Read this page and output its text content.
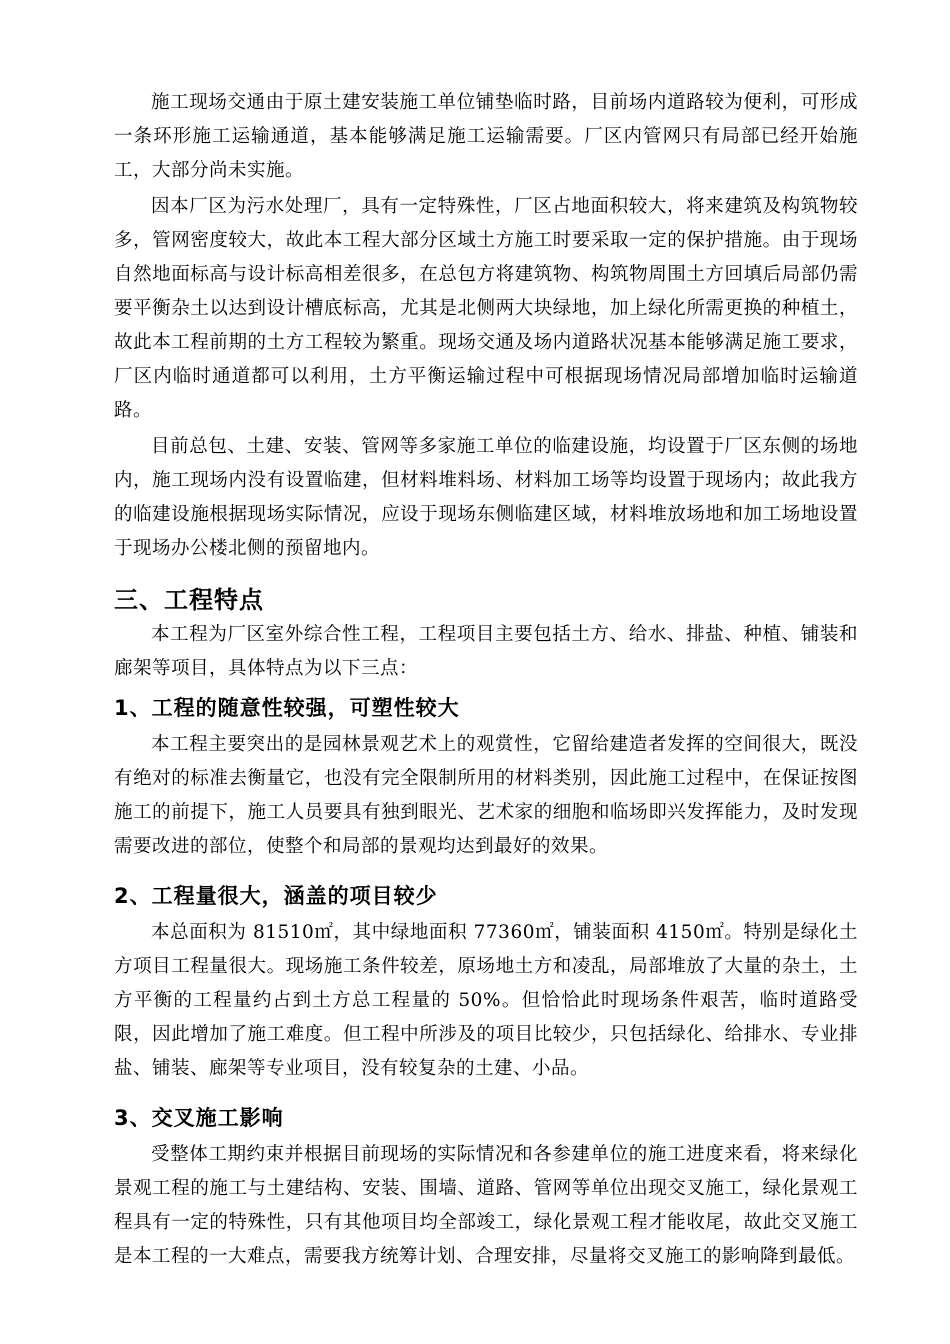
施工现场交通由于原土建安装施工单位铺垫临时路，目前场内道路较为便利，可形成一条环形施工运输通道，基本能够满足施工运输需要。厂区内管网只有局部已经开始施工，大部分尚未实施。

因本厂区为污水处理厂，具有一定特殊性，厂区占地面积较大，将来建筑及构筑物较多，管网密度较大，故此本工程大部分区域土方施工时要采取一定的保护措施。由于现场自然地面标高与设计标高相差很多，在总包方将建筑物、构筑物周围土方回填后局部仍需要平衡杂土以达到设计槽底标高，尤其是北侧两大块绿地，加上绿化所需更换的种植土，故此本工程前期的土方工程较为繁重。现场交通及场内道路状况基本能够满足施工要求，厂区内临时通道都可以利用，土方平衡运输过程中可根据现场情况局部增加临时运输道路。

目前总包、土建、安装、管网等多家施工单位的临建设施，均设置于厂区东侧的场地内，施工现场内没有设置临建，但材料堆料场、材料加工场等均设置于现场内；故此我方的临建设施根据现场实际情况，应设于现场东侧临建区域，材料堆放场地和加工场地设置于现场办公楼北侧的预留地内。

三、工程特点

本工程为厂区室外综合性工程，工程项目主要包括土方、给水、排盐、种植、铺装和廊架等项目，具体特点为以下三点：

1、工程的随意性较强，可塑性较大

本工程主要突出的是园林景观艺术上的观赏性，它留给建造者发挥的空间很大，既没有绝对的标准去衡量它，也没有完全限制所用的材料类别，因此施工过程中，在保证按图施工的前提下，施工人员要具有独到眼光、艺术家的细胞和临场即兴发挥能力，及时发现需要改进的部位，使整个和局部的景观均达到最好的效果。

2、工程量很大，涵盖的项目较少

本总面积为 81510㎡，其中绿地面积 77360㎡，铺装面积 4150㎡。特别是绿化土方项目工程量很大。现场施工条件较差，原场地土方和凌乱，局部堆放了大量的杂土，土方平衡的工程量约占到土方总工程量的 50%。但恰恰此时现场条件艰苦，临时道路受限，因此增加了施工难度。但工程中所涉及的项目比较少，只包括绿化、给排水、专业排盐、铺装、廊架等专业项目，没有较复杂的土建、小品。

3、交叉施工影响

受整体工期约束并根据目前现场的实际情况和各参建单位的施工进度来看，将来绿化景观工程的施工与土建结构、安装、围墙、道路、管网等单位出现交叉施工，绿化景观工程具有一定的特殊性，只有其他项目均全部竣工，绿化景观工程才能收尾，故此交叉施工是本工程的一大难点，需要我方统筹计划、合理安排，尽量将交叉施工的影响降到最低。
